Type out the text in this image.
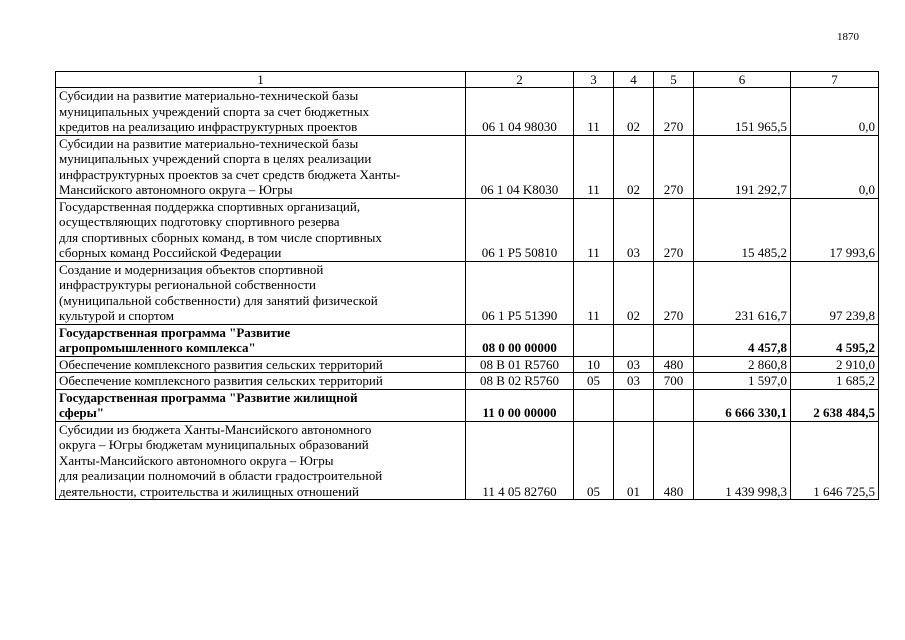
1870
1	2	3	4	5	6	7

Субсидии на развитие материально-технической базы
муниципальных учреждений спорта за счет бюджетных
кредитов на реализацию инфраструктурных проектов	06 1 04 98030	11	02	270	151 965,5	0,0

Субсидии на развитие материально-технической базы
муниципальных учреждений спорта в целях реализации
инфраструктурных проектов за счет средств бюджета Ханты-
Мансийского автономного округа – Югры	06 1 04 K8030	11	02	270	191 292,7	0,0

Государственная поддержка спортивных организаций,
осуществляющих подготовку спортивного резерва
для спортивных сборных команд, в том числе спортивных
сборных команд Российской Федерации	06 1 P5 50810	11	03	270	15 485,2	17 993,6

Создание и модернизация объектов спортивной
инфраструктуры региональной собственности
(муниципальной собственности) для занятий физической
культурой и спортом	06 1 P5 51390	11	02	270	231 616,7	97 239,8

Государственная программа "Развитие
агропромышленного комплекса"	08 0 00 00000				4 457,8	4 595,2

Обеспечение комплексного развития сельских территорий	08 В 01 R5760	10	03	480	2 860,8	2 910,0

Обеспечение комплексного развития сельских территорий	08 В 02 R5760	05	03	700	1 597,0	1 685,2

Государственная программа "Развитие жилищной
сферы"	11 0 00 00000				6 666 330,1	2 638 484,5

Субсидии из бюджета Ханты-Мансийского автономного
округа – Югры бюджетам муниципальных образований
Ханты-Мансийского автономного округа – Югры
для реализации полномочий в области градостроительной
деятельности, строительства и жилищных отношений	11 4 05 82760	05	01	480	1 439 998,3	1 646 725,5
